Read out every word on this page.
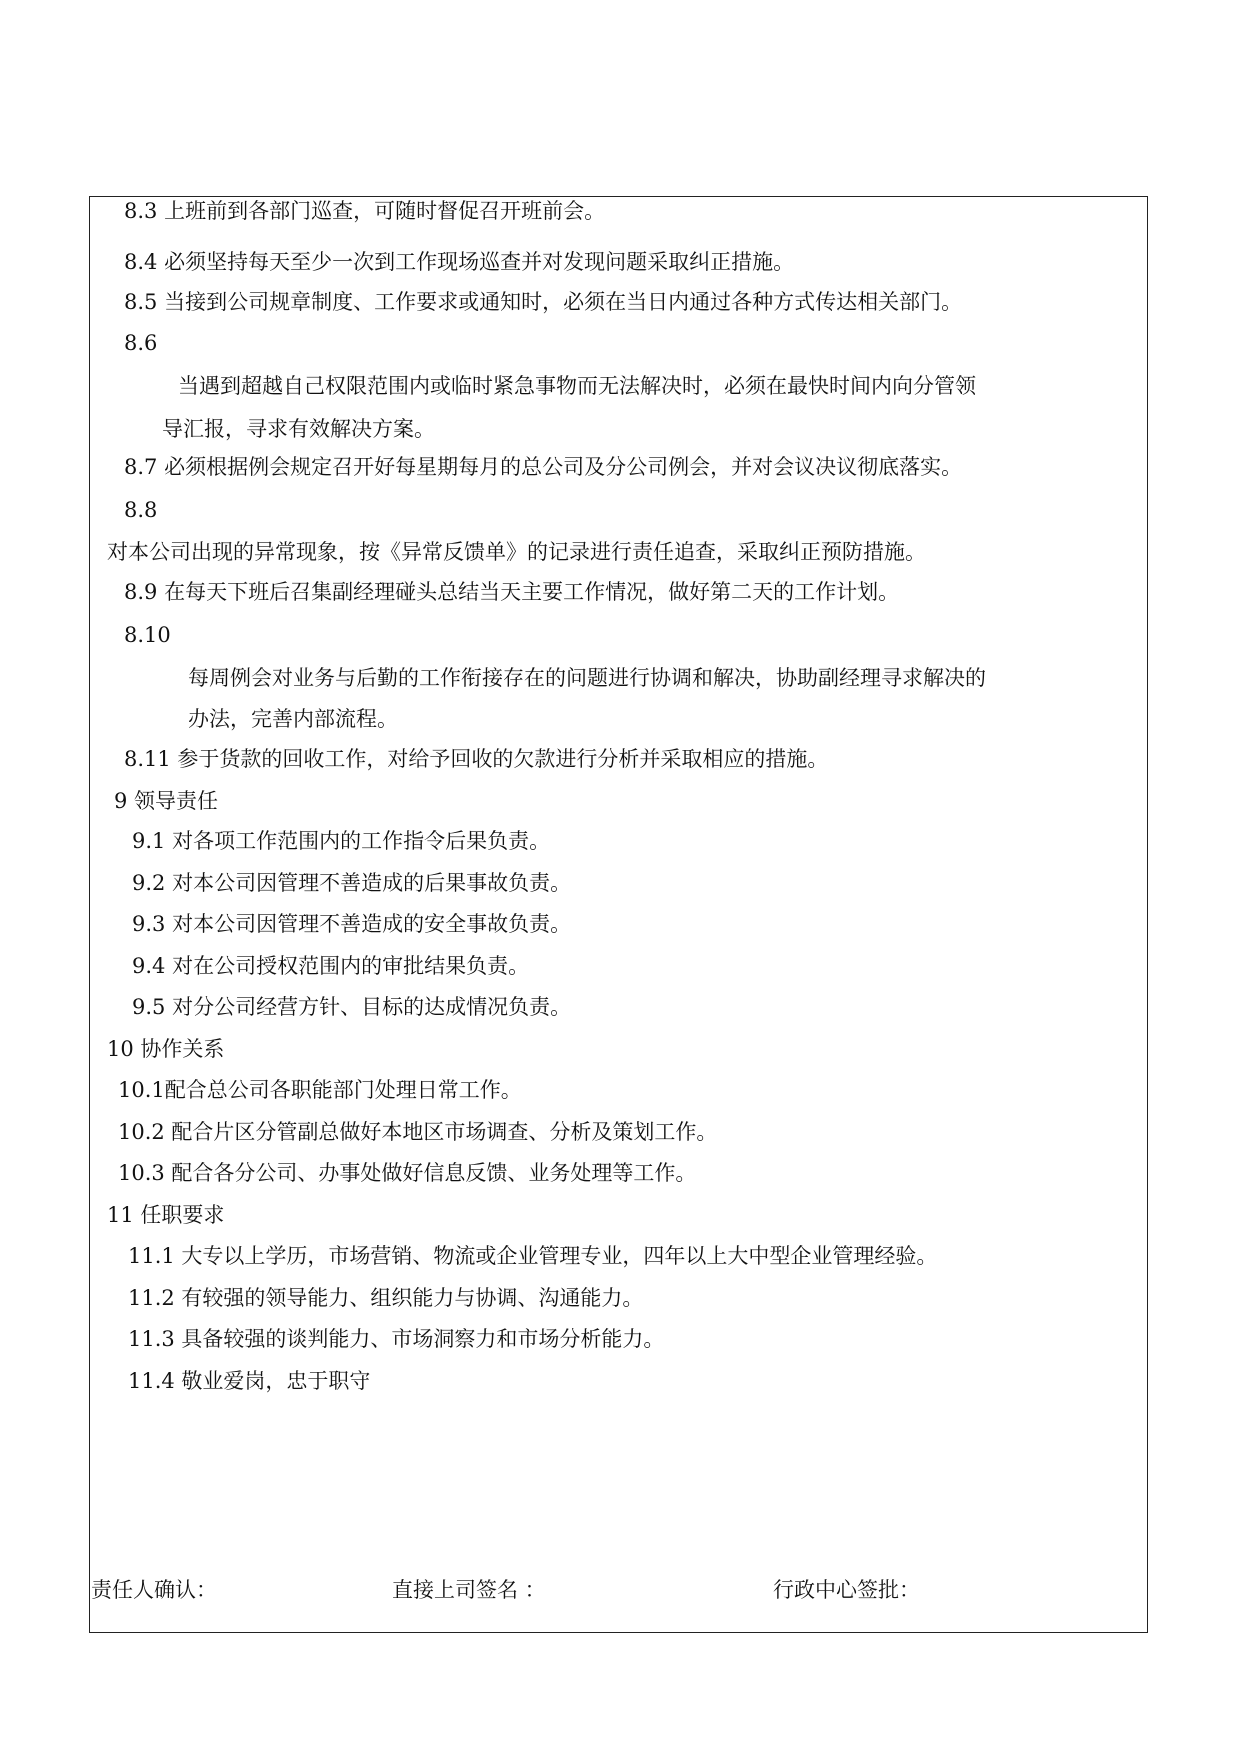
8.3 上班前到各部门巡查，可随时督促召开班前会。
8.4 必须坚持每天至少一次到工作现场巡查并对发现问题采取纠正措施。
8.5 当接到公司规章制度、工作要求或通知时，必须在当日内通过各种方式传达相关部门。
8.6
当遇到超越自己权限范围内或临时紧急事物而无法解决时，必须在最快时间内向分管领
导汇报，寻求有效解决方案。
8.7 必须根据例会规定召开好每星期每月的总公司及分公司例会，并对会议决议彻底落实。
8.8
对本公司出现的异常现象，按《异常反馈单》的记录进行责任追查，采取纠正预防措施。
8.9 在每天下班后召集副经理碰头总结当天主要工作情况，做好第二天的工作计划。
8.10
每周例会对业务与后勤的工作衔接存在的问题进行协调和解决，协助副经理寻求解决的
办法，完善内部流程。
8.11 参于货款的回收工作，对给予回收的欠款进行分析并采取相应的措施。
9 领导责任
9.1 对各项工作范围内的工作指令后果负责。
9.2 对本公司因管理不善造成的后果事故负责。
9.3 对本公司因管理不善造成的安全事故负责。
9.4 对在公司授权范围内的审批结果负责。
9.5 对分公司经营方针、目标的达成情况负责。
10 协作关系
10.1配合总公司各职能部门处理日常工作。
10.2 配合片区分管副总做好本地区市场调查、分析及策划工作。
10.3 配合各分公司、办事处做好信息反馈、业务处理等工作。
11 任职要求
11.1 大专以上学历，市场营销、物流或企业管理专业，四年以上大中型企业管理经验。
11.2 有较强的领导能力、组织能力与协调、沟通能力。
11.3 具备较强的谈判能力、市场洞察力和市场分析能力。
11.4 敬业爱岗，忠于职守
责任人确认：	直接上司签名 ：	行政中心签批：
